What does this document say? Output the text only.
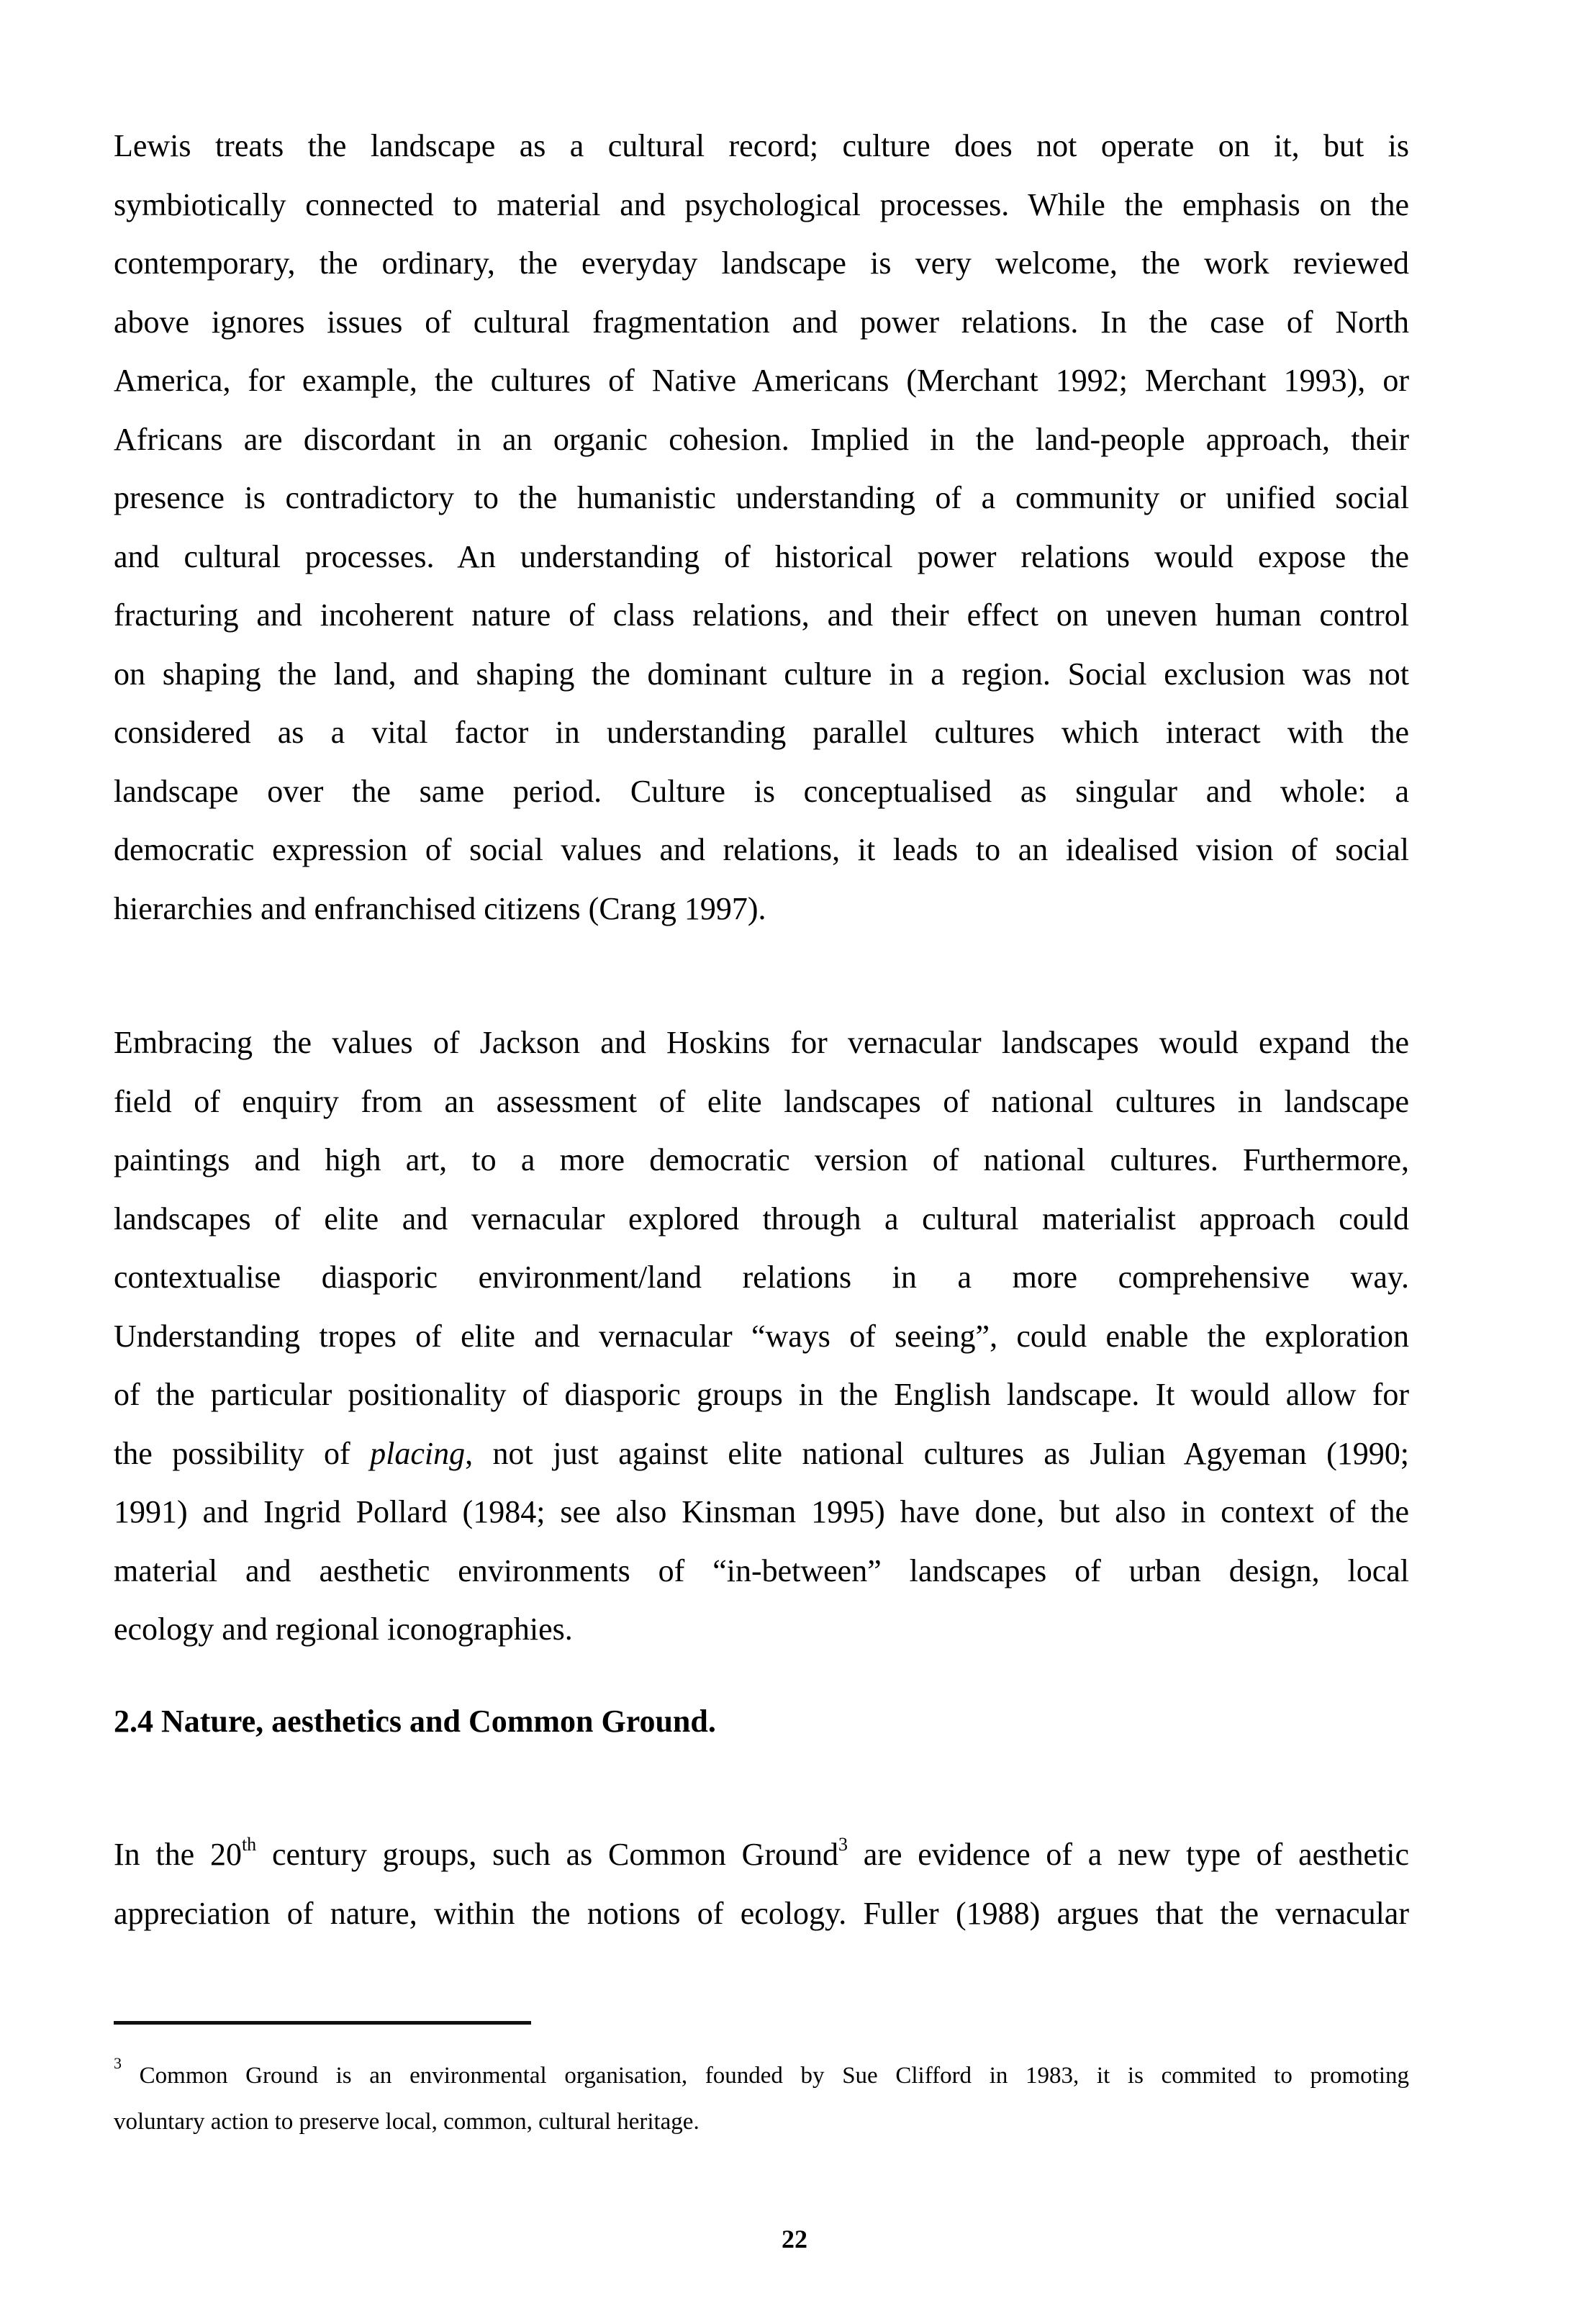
Lewis treats the landscape as a cultural record; culture does not operate on it, but is
symbiotically connected to material and psychological processes. While the emphasis on the
contemporary, the ordinary, the everyday landscape is very welcome, the work reviewed
above ignores issues of cultural fragmentation and power relations. In the case of North
America, for example, the cultures of Native Americans (Merchant 1992; Merchant 1993), or
Africans are discordant in an organic cohesion. Implied in the land-people approach, their
presence is contradictory to the humanistic understanding of a community or unified social
and cultural processes. An understanding of historical power relations would expose the
fracturing and incoherent nature of class relations, and their effect on uneven human control
on shaping the land, and shaping the dominant culture in a region. Social exclusion was not
considered as a vital factor in understanding parallel cultures which interact with the
landscape over the same period. Culture is conceptualised as singular and whole: a
democratic expression of social values and relations, it leads to an idealised vision of social
hierarchies and enfranchised citizens (Crang 1997).
Embracing the values of Jackson and Hoskins for vernacular landscapes would expand the
field of enquiry from an assessment of elite landscapes of national cultures in landscape
paintings and high art, to a more democratic version of national cultures. Furthermore,
landscapes of elite and vernacular explored through a cultural materialist approach could
contextualise diasporic environment/land relations in a more comprehensive way.
Understanding tropes of elite and vernacular “ways of seeing”, could enable the exploration
of the particular positionality of diasporic groups in the English landscape. It would allow for
the possibility of placing, not just against elite national cultures as Julian Agyeman (1990;
1991) and Ingrid Pollard (1984; see also Kinsman 1995) have done, but also in context of the
material and aesthetic environments of “in-between” landscapes of urban design, local
ecology and regional iconographies.
2.4 Nature, aesthetics and Common Ground.
In the 20th century groups, such as Common Ground$^3$ are evidence of a new type of aesthetic
appreciation of nature, within the notions of ecology. Fuller (1988) argues that the vernacular
$^3$ Common Ground is an environmental organisation, founded by Sue Clifford in 1983, it is commited to promoting
voluntary action to preserve local, common, cultural heritage.
22
